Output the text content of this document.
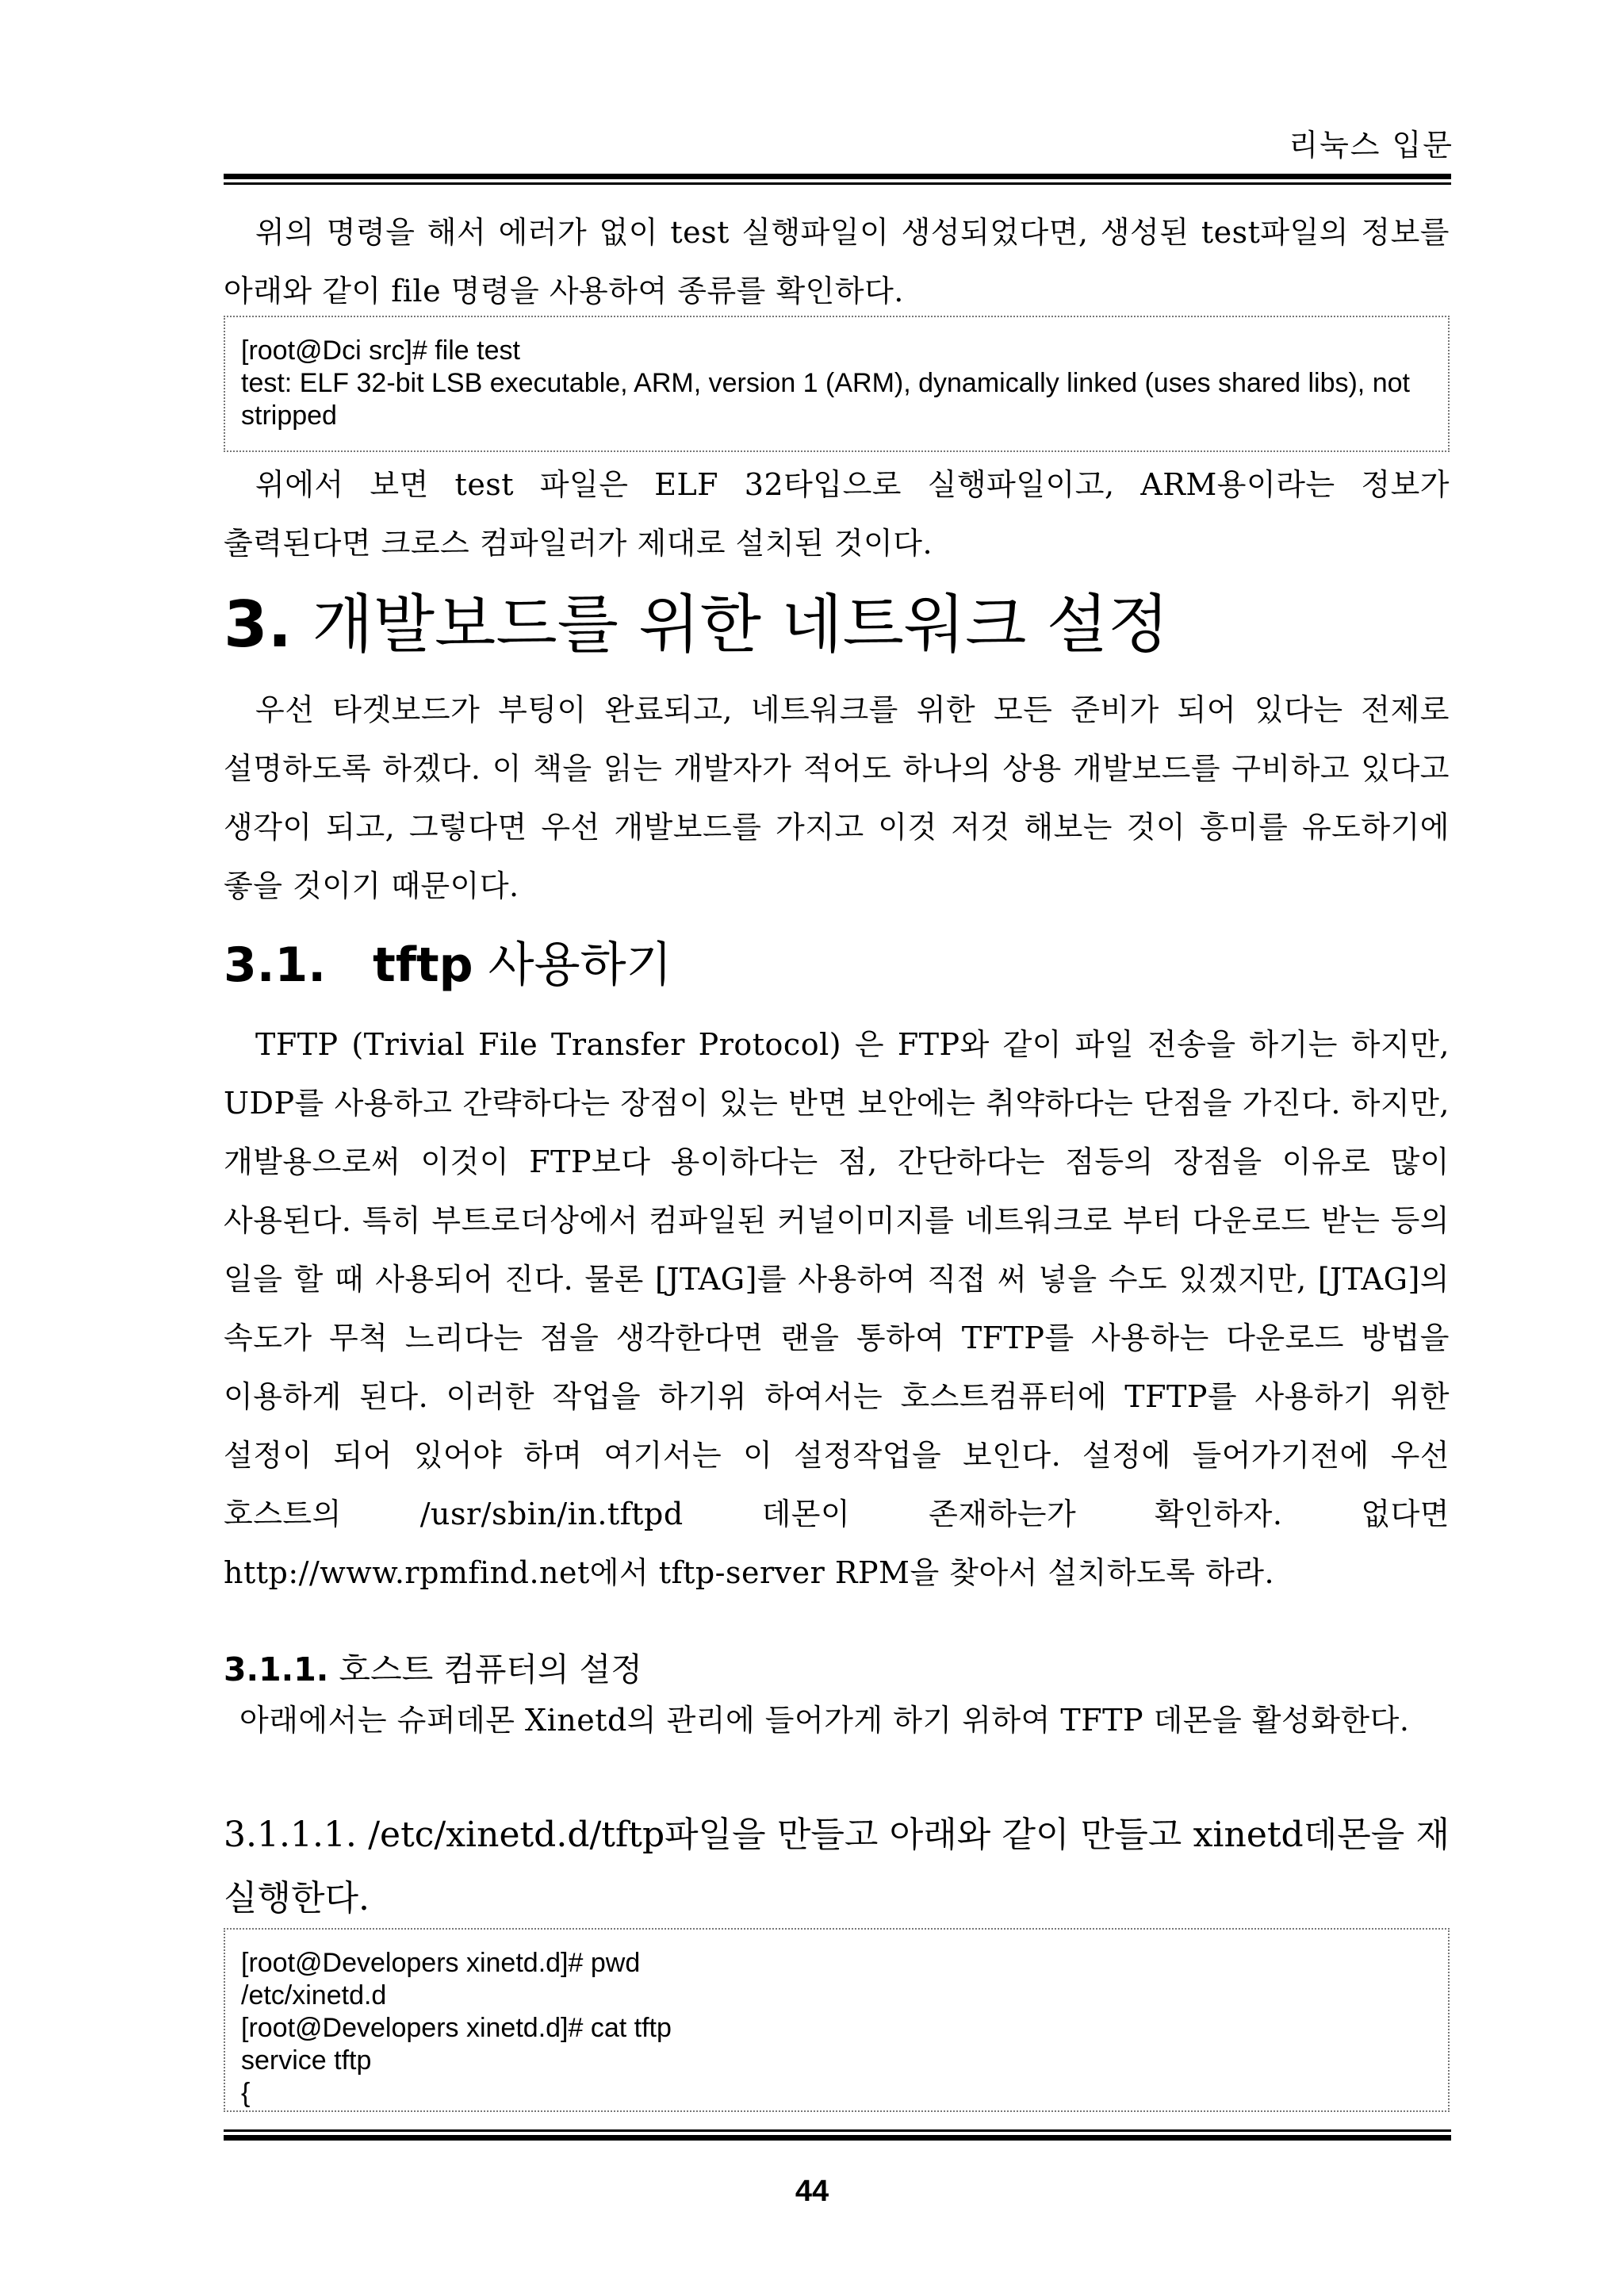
리눅스 입문

위의 명령을 해서 에러가 없이 test 실행파일이 생성되었다면, 생성된 test파일의 정보를 아래와 같이 file 명령을 사용하여 종류를 확인하다.

[root@Dci src]# file test
test: ELF 32-bit LSB executable, ARM, version 1 (ARM), dynamically linked (uses shared libs), not stripped

위에서 보면 test 파일은 ELF 32타입으로 실행파일이고, ARM용이라는 정보가 출력된다면 크로스 컴파일러가 제대로 설치된 것이다.

3. 개발보드를 위한 네트워크 설정

우선 타겟보드가 부팅이 완료되고, 네트워크를 위한 모든 준비가 되어 있다는 전제로 설명하도록 하겠다. 이 책을 읽는 개발자가 적어도 하나의 상용 개발보드를 구비하고 있다고 생각이 되고, 그렇다면 우선 개발보드를 가지고 이것 저것 해보는 것이 흥미를 유도하기에 좋을 것이기 때문이다.

3.1. tftp 사용하기

TFTP (Trivial File Transfer Protocol) 은 FTP와 같이 파일 전송을 하기는 하지만, UDP를 사용하고 간략하다는 장점이 있는 반면 보안에는 취약하다는 단점을 가진다. 하지만, 개발용으로써 이것이 FTP보다 용이하다는 점, 간단하다는 점등의 장점을 이유로 많이 사용된다. 특히 부트로더상에서 컴파일된 커널이미지를 네트워크로 부터 다운로드 받는 등의 일을 할 때 사용되어 진다. 물론 [JTAG]를 사용하여 직접 써 넣을 수도 있겠지만, [JTAG]의 속도가 무척 느리다는 점을 생각한다면 랜을 통하여 TFTP를 사용하는 다운로드 방법을 이용하게 된다. 이러한 작업을 하기위 하여서는 호스트컴퓨터에 TFTP를 사용하기 위한 설정이 되어 있어야 하며 여기서는 이 설정작업을 보인다. 설정에 들어가기전에 우선 호스트의 /usr/sbin/in.tftpd 데몬이 존재하는가 확인하자. 없다면 http://www.rpmfind.net에서 tftp-server RPM을 찾아서 설치하도록 하라.

3.1.1. 호스트 컴퓨터의 설정

아래에서는 슈퍼데몬 Xinetd의 관리에 들어가게 하기 위하여 TFTP 데몬을 활성화한다.

3.1.1.1. /etc/xinetd.d/tftp파일을 만들고 아래와 같이 만들고 xinetd데몬을 재실행한다.

[root@Developers xinetd.d]# pwd
/etc/xinetd.d
[root@Developers xinetd.d]# cat tftp
service tftp
{
44
